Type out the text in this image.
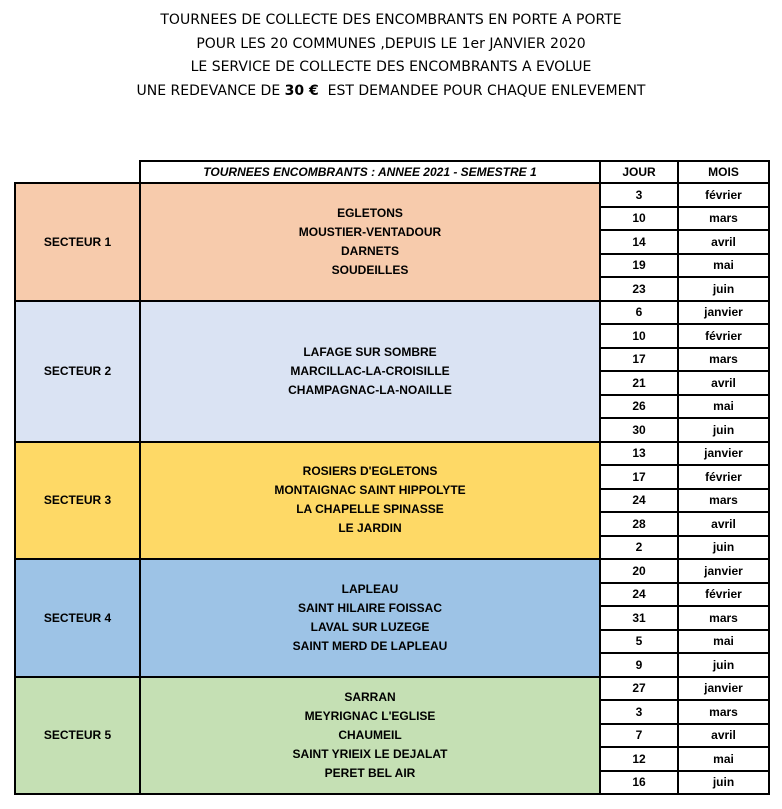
TOURNEES DE COLLECTE DES ENCOMBRANTS EN PORTE A PORTE
POUR LES 20 COMMUNES ,DEPUIS LE 1er JANVIER 2020
LE SERVICE DE COLLECTE DES ENCOMBRANTS A EVOLUE
UNE REDEVANCE DE 30 € EST DEMANDEE POUR CHAQUE ENLEVEMENT
	TOURNEES ENCOMBRANTS : ANNEE 2021 - SEMESTRE 1	JOUR	MOIS
SECTEUR 1	EGLETONS
MOUSTIER-VENTADOUR
DARNETS
SOUDEILLES	3	février
		10	mars
		14	avril
		19	mai
		23	juin
SECTEUR 2	LAFAGE SUR SOMBRE
MARCILLAC-LA-CROISILLE
CHAMPAGNAC-LA-NOAILLE	6	janvier
		10	février
		17	mars
		21	avril
		26	mai
		30	juin
SECTEUR 3	ROSIERS D'EGLETONS
MONTAIGNAC SAINT HIPPOLYTE
LA CHAPELLE SPINASSE
LE JARDIN	13	janvier
		17	février
		24	mars
		28	avril
		2	juin
SECTEUR 4	LAPLEAU
SAINT HILAIRE FOISSAC
LAVAL SUR LUZEGE
SAINT MERD DE LAPLEAU	20	janvier
		24	février
		31	mars
		5	mai
		9	juin
SECTEUR 5	SARRAN
MEYRIGNAC L'EGLISE
CHAUMEIL
SAINT YRIEIX LE DEJALAT
PERET BEL AIR	27	janvier
		3	mars
		7	avril
		12	mai
		16	juin
